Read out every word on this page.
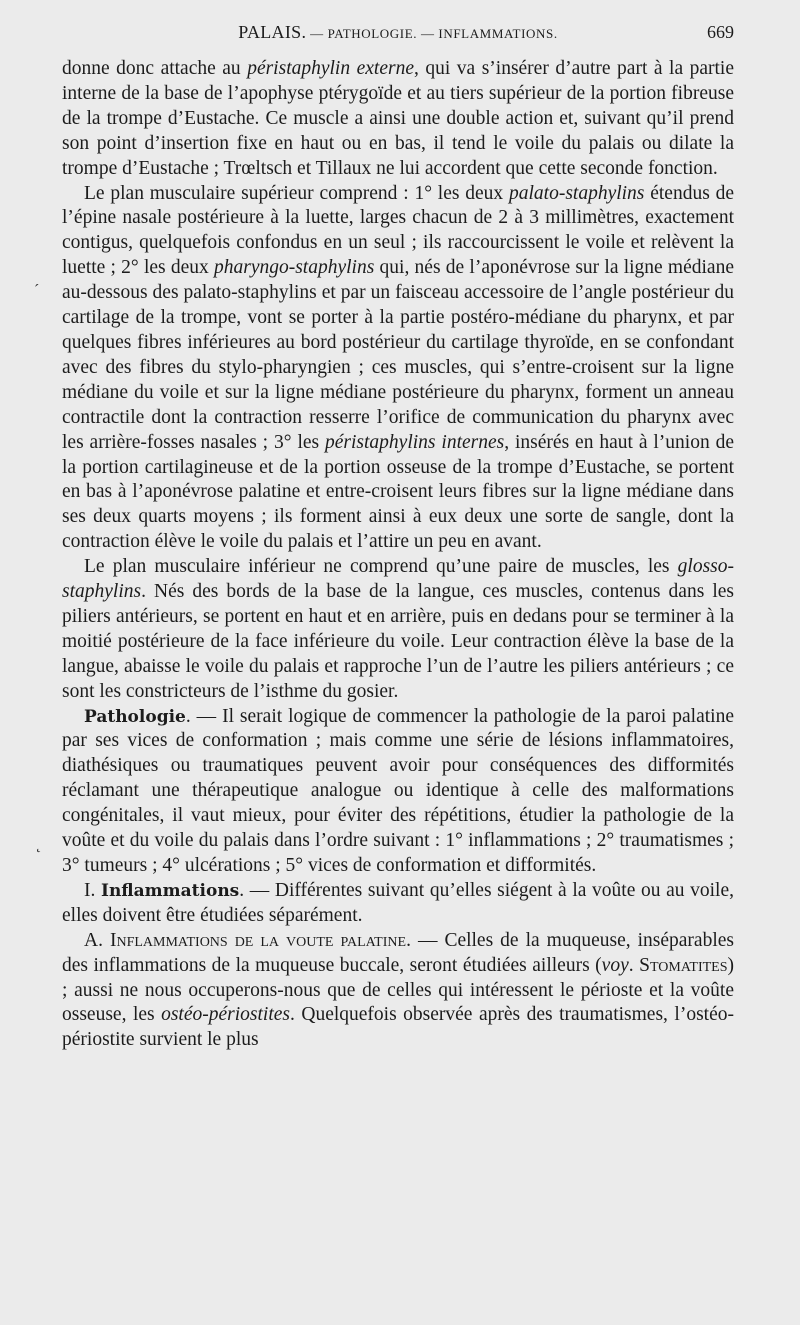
PALAIS. — PATHOLOGIE. — INFLAMMATIONS.	669
´
˛

donne donc attache au péristaphylin externe, qui va s’insérer d’autre part à la partie interne de la base de l’apophyse ptérygoïde et au tiers supérieur de la portion fibreuse de la trompe d’Eustache. Ce muscle a ainsi une double action et, suivant qu’il prend son point d’insertion fixe en haut ou en bas, il tend le voile du palais ou dilate la trompe d’Eustache ; Trœltsch et Tillaux ne lui accordent que cette seconde fonction.

Le plan musculaire supérieur comprend : 1° les deux palato-staphylins étendus de l’épine nasale postérieure à la luette, larges chacun de 2 à 3 millimètres, exactement contigus, quelquefois confondus en un seul ; ils raccourcissent le voile et relèvent la luette ; 2° les deux pharyngo-staphylins qui, nés de l’aponévrose sur la ligne médiane au-dessous des palato-staphylins et par un faisceau accessoire de l’angle postérieur du cartilage de la trompe, vont se porter à la partie postéro-médiane du pharynx, et par quelques fibres inférieures au bord postérieur du cartilage thyroïde, en se confondant avec des fibres du stylo-pharyngien ; ces muscles, qui s’entre-croisent sur la ligne médiane du voile et sur la ligne médiane postérieure du pharynx, forment un anneau contractile dont la contraction resserre l’orifice de communication du pharynx avec les arrière-fosses nasales ; 3° les péristaphylins internes, insérés en haut à l’union de la portion cartilagineuse et de la portion osseuse de la trompe d’Eustache, se portent en bas à l’aponévrose palatine et entre-croisent leurs fibres sur la ligne médiane dans ses deux quarts moyens ; ils forment ainsi à eux deux une sorte de sangle, dont la contraction élève le voile du palais et l’attire un peu en avant.

Le plan musculaire inférieur ne comprend qu’une paire de muscles, les glosso-staphylins. Nés des bords de la base de la langue, ces muscles, contenus dans les piliers antérieurs, se portent en haut et en arrière, puis en dedans pour se terminer à la moitié postérieure de la face inférieure du voile. Leur contraction élève la base de la langue, abaisse le voile du palais et rapproche l’un de l’autre les piliers antérieurs ; ce sont les constricteurs de l’isthme du gosier.

Pathologie. — Il serait logique de commencer la pathologie de la paroi palatine par ses vices de conformation ; mais comme une série de lésions inflammatoires, diathésiques ou traumatiques peuvent avoir pour conséquences des difformités réclamant une thérapeutique analogue ou identique à celle des malformations congénitales, il vaut mieux, pour éviter des répétitions, étudier la pathologie de la voûte et du voile du palais dans l’ordre suivant : 1° inflammations ; 2° traumatismes ; 3° tumeurs ; 4° ulcérations ; 5° vices de conformation et difformités.

I. Inflammations. — Différentes suivant qu’elles siégent à la voûte ou au voile, elles doivent être étudiées séparément.

A. Inflammations de la voute palatine. — Celles de la muqueuse, inséparables des inflammations de la muqueuse buccale, seront étudiées ailleurs (voy. Stomatites) ; aussi ne nous occuperons-nous que de celles qui intéressent le périoste et la voûte osseuse, les ostéo-périostites. Quelquefois observée après des traumatismes, l’ostéo-périostite survient le plus
